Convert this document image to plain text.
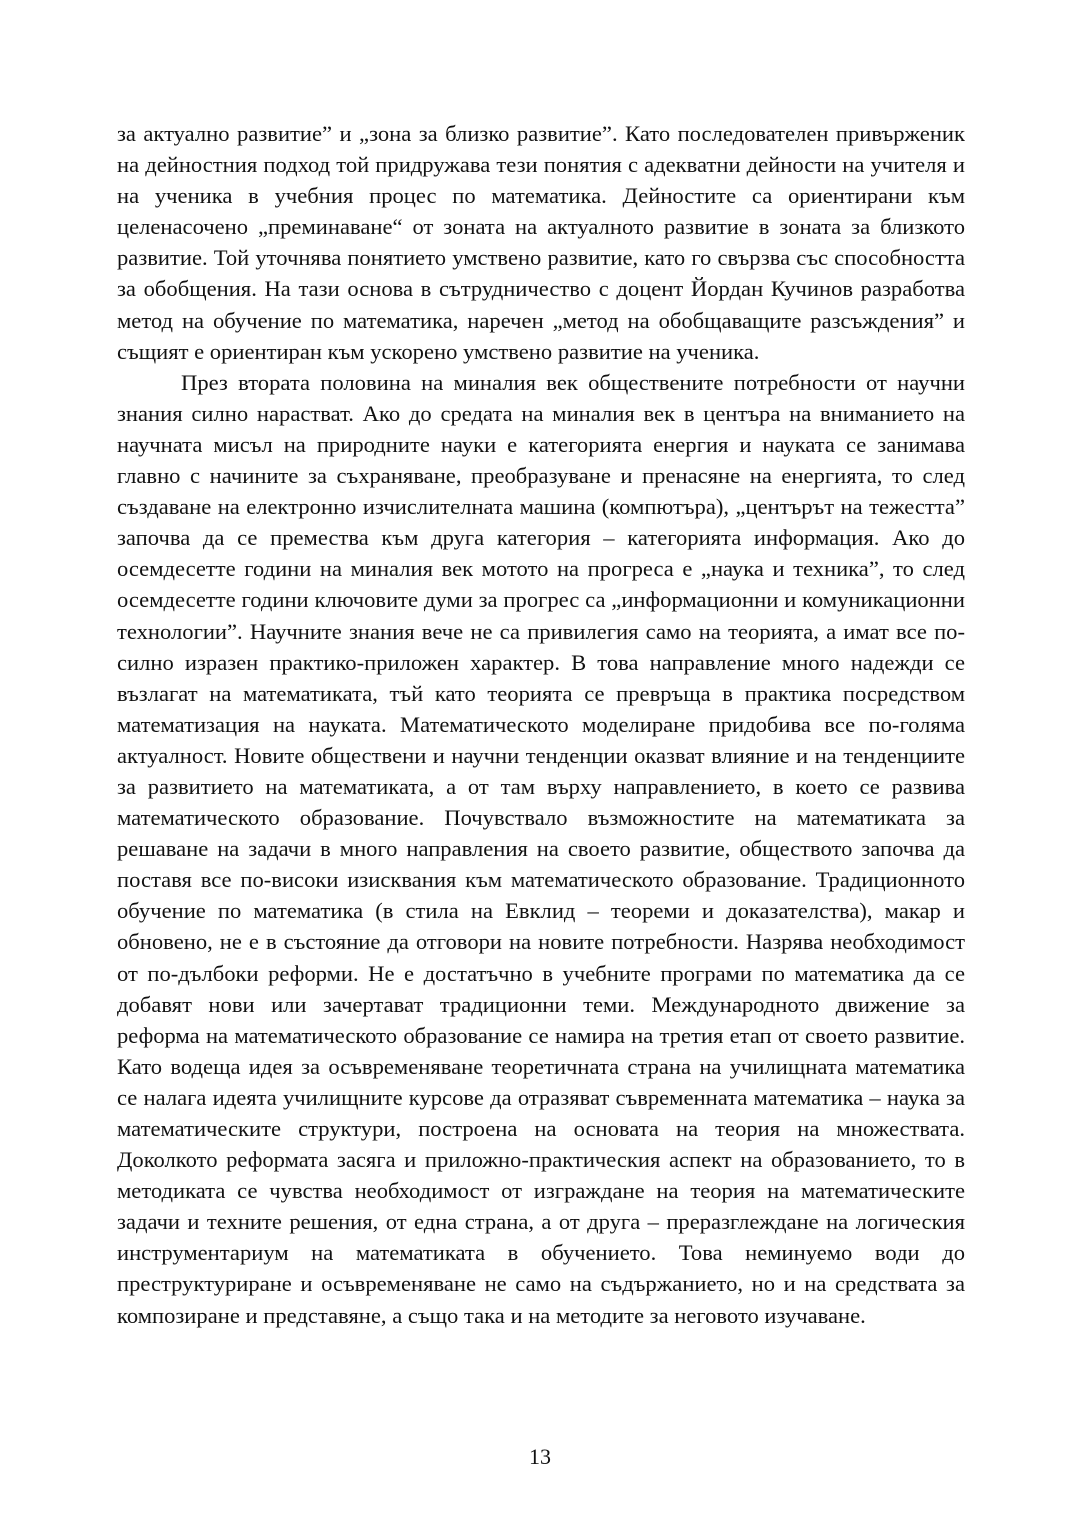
за актуално развитие” и „зона за близко развитие”. Като последователен привърженик на дейностния подход той придружава тези понятия с адекватни дейности на учителя и на ученика в учебния процес по математика. Дейностите са ориентирани към целенасочено „преминаване“ от зоната на актуалното развитие в зоната за близкото развитие. Той уточнява понятието умствено развитие, като го свързва със способността за обобщения. На тази основа в сътрудничество с доцент Йордан Кучинов разработва метод на обучение по математика, наречен „метод на обобщаващите разсъждения” и същият е ориентиран към ускорено умствено развитие на ученика.

През втората половина на миналия век обществените потребности от научни знания силно нарастват. Ако до средата на миналия век в центъра на вниманието на научната мисъл на природните науки е категорията енергия и науката се занимава главно с начините за съхраняване, преобразуване и пренасяне на енергията, то след създаване на електронно изчислителната машина (компютъра), „центърът на тежестта” започва да се премества към друга категория – категорията информация. Ако до осемдесетте години на миналия век мотото на прогреса е „наука и техника”, то след осемдесетте години ключовите думи за прогрес са „информационни и комуникационни технологии”. Научните знания вече не са привилегия само на теорията, а имат все по-силно изразен практико-приложен характер. В това направление много надежди се възлагат на математиката, тъй като теорията се превръща в практика посредством математизация на науката. Математическото моделиране придобива все по-голяма актуалност. Новите обществени и научни тенденции оказват влияние и на тенденциите за развитието на математиката, а от там върху направлението, в което се развива математическото образование. Почувствало възможностите на математиката за решаване на задачи в много направления на своето развитие, обществото започва да поставя все по-високи изисквания към математическото образование. Традиционното обучение по математика (в стила на Евклид – теореми и доказателства), макар и обновено, не е в състояние да отговори на новите потребности. Назрява необходимост от по-дълбоки реформи. Не е достатъчно в учебните програми по математика да се добавят нови или зачертават традиционни теми. Международното движение за реформа на математическото образование се намира на третия етап от своето развитие. Като водеща идея за осъвременяване теоретичната страна на училищната математика се налага идеята училищните курсове да отразяват съвременната математика – наука за математическите структури, построена на основата на теория на множествата. Доколкото реформата засяга и приложно-практическия аспект на образованието, то в методиката се чувства необходимост от изграждане на теория на математическите задачи и техните решения, от една страна, а от друга – преразглеждане на логическия инструментариум на математиката в обучението. Това неминуемо води до преструктуриране и осъвременяване не само на съдържанието, но и на средствата за композиране и представяне, а също така и на методите за неговото изучаване.

13
